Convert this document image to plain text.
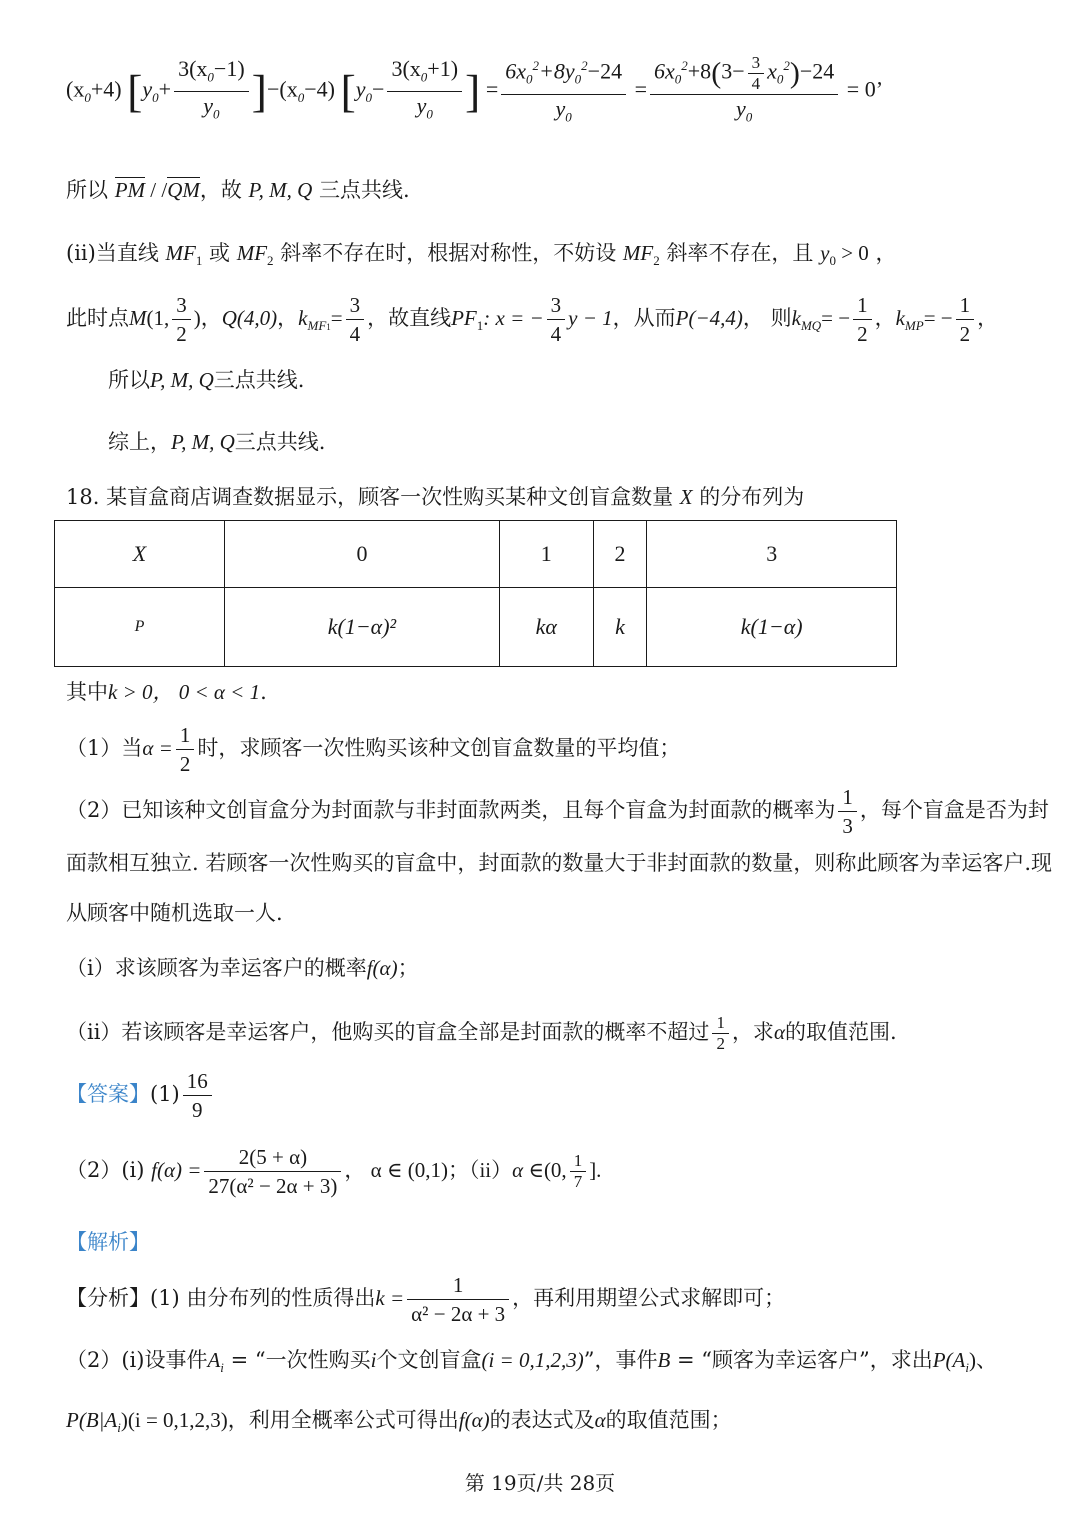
$(x_0+4)$ $[y_0+ \frac{3(x_0-1)}{y_0} ]-(x_0-4)$ [$y_0- \frac{3(x_0+1)}{y_0}$ ] = $\frac{6x_0^2+8y_0^2-24}{y_0} = \frac{6x_0^2+8(3- \frac{3}{4} x_0^2)-24}{y_0} = 0$’
所以 PM / /QM，故 P, M, Q 三点共线.
(ii)当直线 $MF_1$ 或 $MF_2$ 斜率不存在时，根据对称性，不妨设 $MF_2$ 斜率不存在，且 $y_0 > 0$ ，
此时点M(1, $\frac{3}{2}$ )，Q(4,0)，$k_{MF1}= \frac{3}{4}$ ，故直线$PF_1$: x = − $\frac{3}{4}$ y − 1，从而P(−4,4)， 则$k_{MQ}= - \frac{1}{2}$ ，$k_{MP}= - \frac{1}{2}$ ，
所以P, M, Q三点共线.
综上，P, M, Q三点共线.
18. 某盲盒商店调查数据显示，顾客一次性购买某种文创盲盒数量 X 的分布列为
X	0	1	2	3
P	k(1−α)²	kα	k	k(1−α)
其中k > 0， 0 < α < 1.
（1）当$\alpha = \frac{1}{2}$ 时，求顾客一次性购买该种文创盲盒数量的平均值；
（2）已知该种文创盲盒分为封面款与非封面款两类，且每个盲盒为封面款的概率为 $\frac{1}{3}$ ，每个盲盒是否为封
面款相互独立. 若顾客一次性购买的盲盒中，封面款的数量大于非封面款的数量，则称此顾客为幸运客户.现
从顾客中随机选取一人.
（i）求该顾客为幸运客户的概率f(α)；
（ii）若该顾客是幸运客户，他购买的盲盒全部是封面款的概率不超过 $\frac{1}{2}$ ，求α的取值范围.
【答案】$(1) \frac{16}{9}$
（2）(i) $f(\alpha) = \frac{2(5 + \alpha)}{\text{27(α² − 2α + 3)}}$ ， α ∈ (0,1)；（ii）α ∈(0, $\frac{1}{7}$ ].
【解析】
【分析】(1) 由分布列的性质得出$k = \frac{1}{\text{α² − 2α + 3}}$ ，再利用期望公式求解即可；
（2）(i)设事件$A_i$ = “一次性购买i个文创盲盒(i = 0,1,2,3)”，事件B = “顾客为幸运客户”，求出$P(A_i)$、
$P(B|A_i)(i = 0,1,2,3)$，利用全概率公式可得出f(α)的表达式及α的取值范围；
第 19页/共 28页
